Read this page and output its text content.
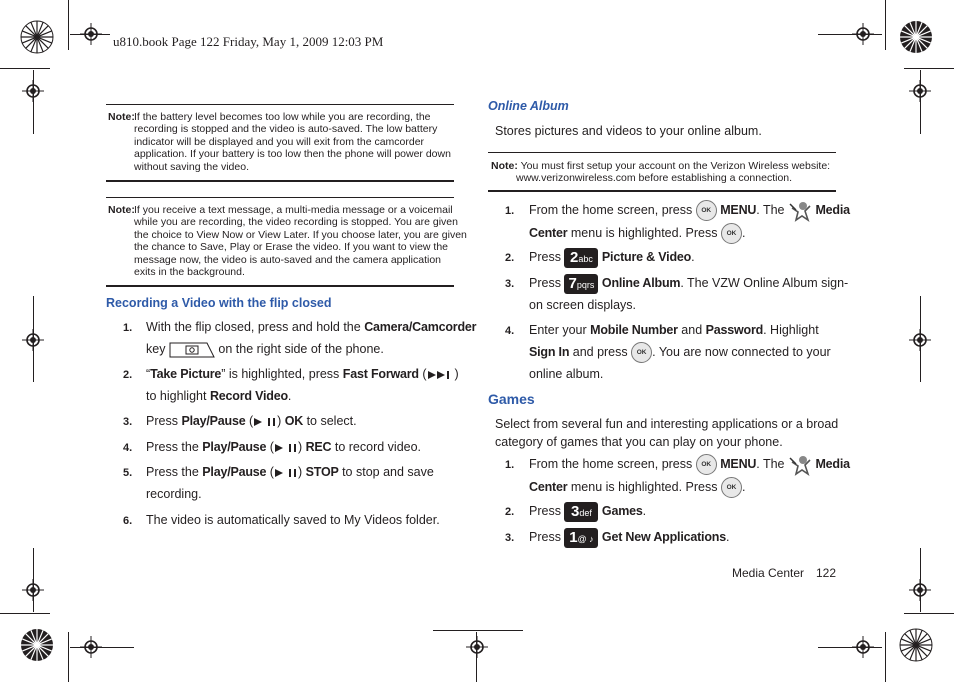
u810.book Page 122 Friday, May 1, 2009 12:03 PM
Note: If the battery level becomes too low while you are recording, the
recording is stopped and the video is auto-saved. The low battery
indicator will be displayed and you will exit from the camcorder
application. If your battery is too low then the phone will power down
without saving the video.
Note: If you receive a text message, a multi-media message or a voicemail
while you are recording, the video recording is stopped. You are given
the choice to View Now or View Later. If you choose later, you are given
the chance to Save, Play or Erase the video. If you want to view the
message now, the video is auto-saved and the camera application
exits in the background.
Recording a Video with the flip closed
1. With the flip closed, press and hold the Camera/Camcorder
key	on the right side of the phone.
2. “Take Picture” is highlighted, press Fast Forward ( )
to highlight Record Video.
3. Press Play/Pause ( ) OK to select.
4. Press the Play/Pause ( ) REC to record video.
5. Press the Play/Pause ( ) STOP to stop and save
recording.
6. The video is automatically saved to My Videos folder.
Online Album
Stores pictures and videos to your online album.
Note: You must first setup your account on the Verizon Wireless website:
www.verizonwireless.com before establishing a connection.
1. From the home screen, press OK MENU. The  Media
Center menu is highlighted. Press OK .
2. Press 2abc Picture & Video.
3. Press 7pqrs Online Album. The VZW Online Album sign-
on screen displays.
4. Enter your Mobile Number and Password. Highlight
Sign In and press OK . You are now connected to your
online album.
Games
Select from several fun and interesting applications or a broad
category of games that you can play on your phone.
1. From the home screen, press OK MENU. The  Media
Center menu is highlighted. Press OK .
2. Press 3def Games.
3. Press 1@ ♪ Get New Applications.
Media Center 122
